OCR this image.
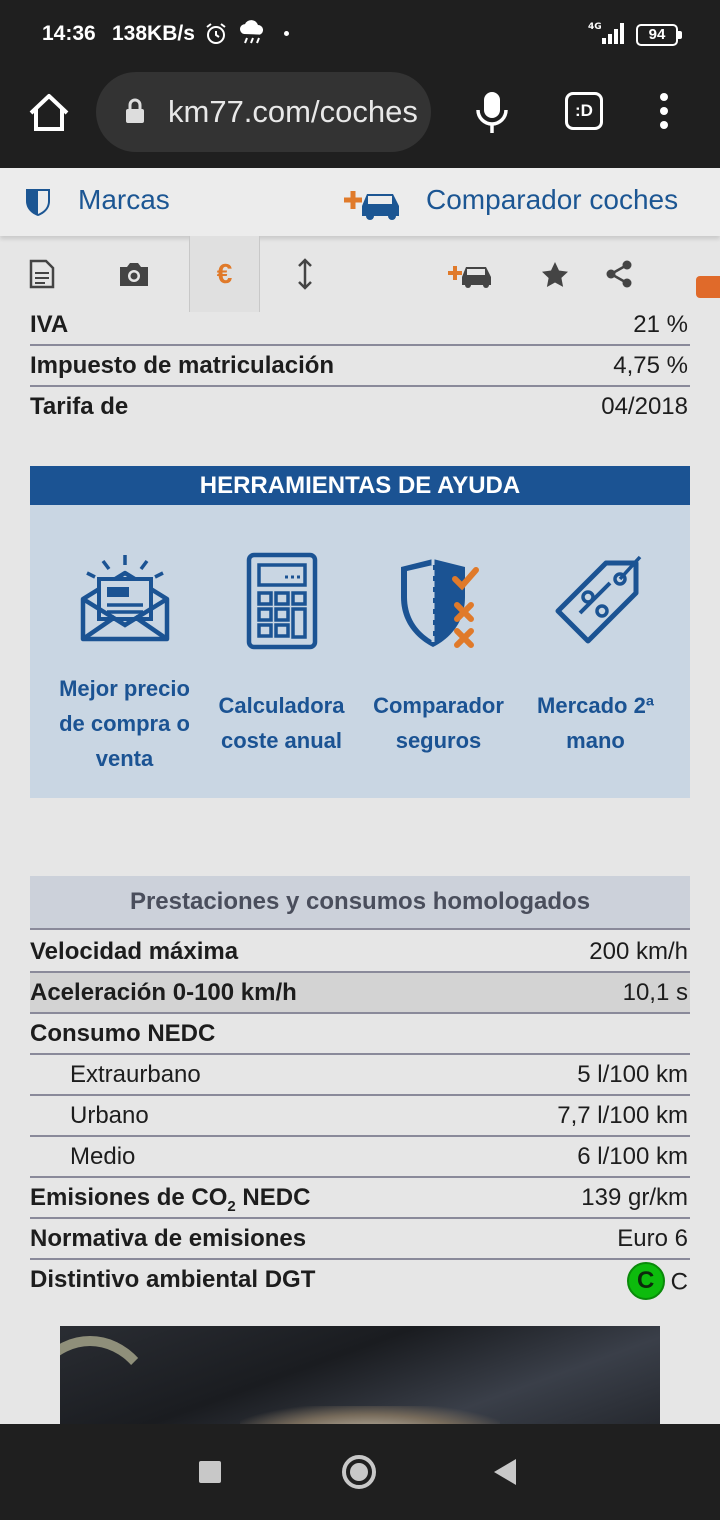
14:36 138KB/s	4G	94
km77.com/coches	:D
Marcas	Comparador coches
€
IVA	21 %
Impuesto de matriculación	4,75 %
Tarifa de	04/2018
HERRAMIENTAS DE AYUDA
Mejor precio
de compra o
venta
Calculadora
coste anual
Comparador
seguros
Mercado 2ª
mano
Prestaciones y consumos homologados
Velocidad máxima	200 km/h
Aceleración 0-100 km/h	10,1 s
Consumo NEDC
Extraurbano	5 l/100 km
Urbano	7,7 l/100 km
Medio	6 l/100 km
Emisiones de $CO_2$ NEDC	139 gr/km
Normativa de emisiones	Euro 6
Distintivo ambiental DGT	C C
